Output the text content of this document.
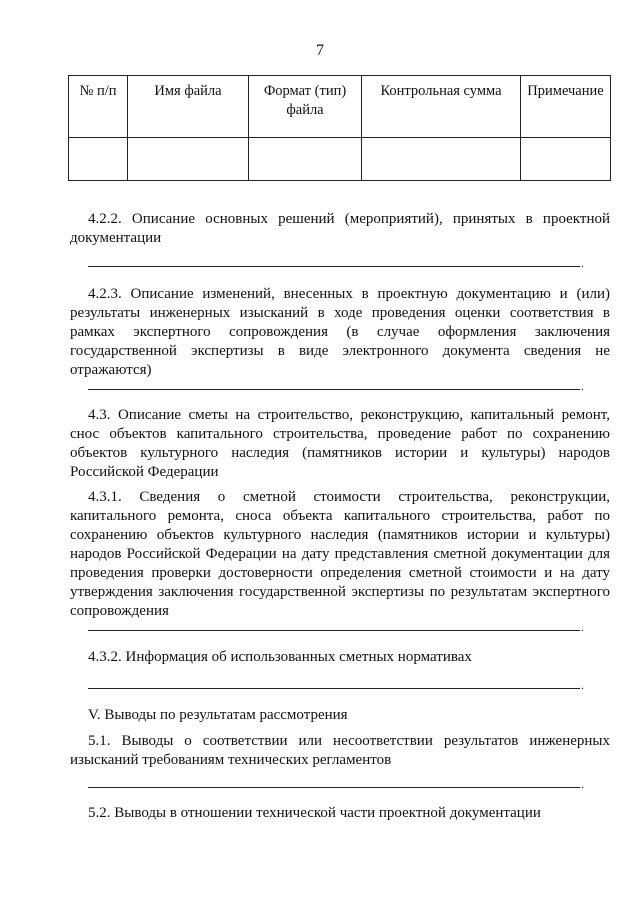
7
№ п/п	Имя файла	Формат (тип) файла	Контрольная сумма	Примечание

4.2.2. Описание основных решений (мероприятий), принятых в проектной документации
.
4.2.3. Описание изменений, внесенных в проектную документацию и (или) результаты инженерных изысканий в ходе проведения оценки соответствия в рамках экспертного сопровождения (в случае оформления заключения государственной экспертизы в виде электронного документа сведения не отражаются)
.
4.3. Описание сметы на строительство, реконструкцию, капитальный ремонт, снос объектов капитального строительства, проведение работ по сохранению объектов культурного наследия (памятников истории и культуры) народов Российской Федерации
4.3.1. Сведения о сметной стоимости строительства, реконструкции, капитального ремонта, сноса объекта капитального строительства, работ по сохранению объектов культурного наследия (памятников истории и культуры) народов Российской Федерации на дату представления сметной документации для проведения проверки достоверности определения сметной стоимости и на дату утверждения заключения государственной экспертизы по результатам экспертного сопровождения
.
4.3.2. Информация об использованных сметных нормативах
.
V. Выводы по результатам рассмотрения
5.1. Выводы о соответствии или несоответствии результатов инженерных изысканий требованиям технических регламентов
.
5.2. Выводы в отношении технической части проектной документации
